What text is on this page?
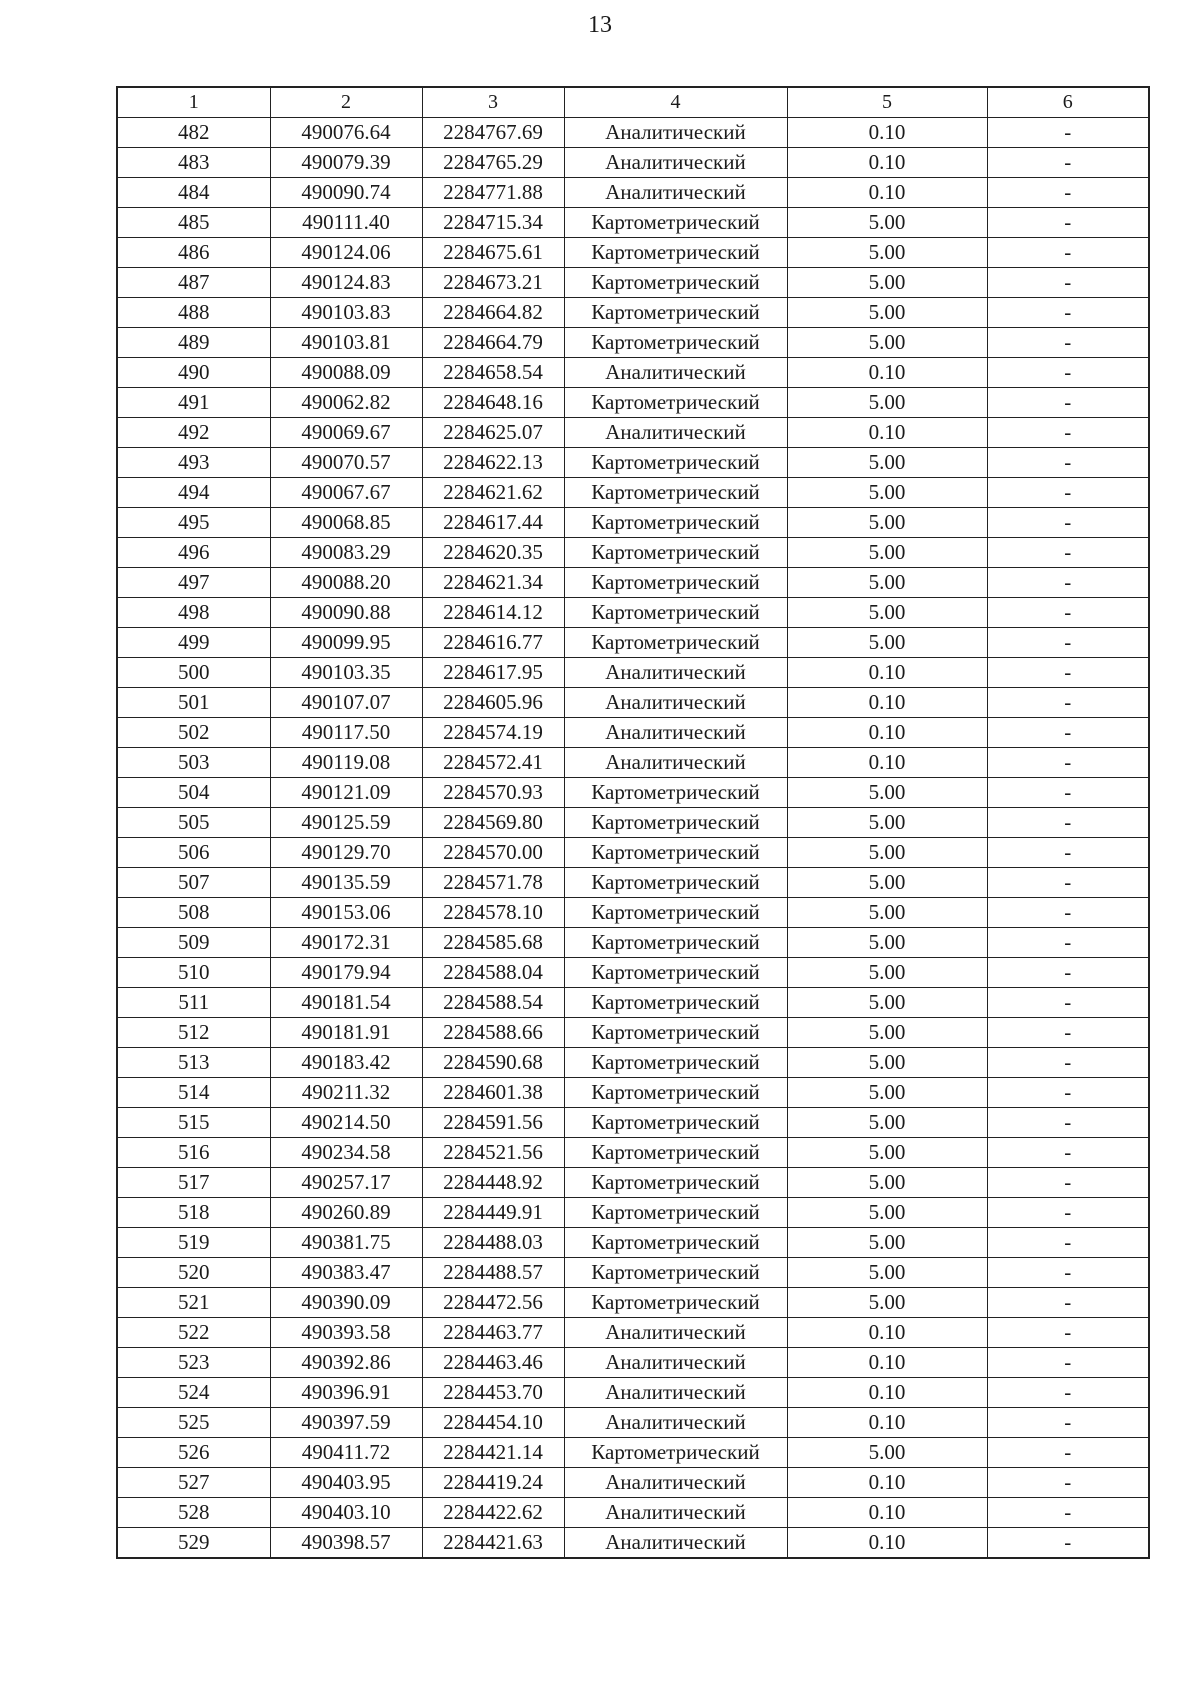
13
1	2	3	4	5	6
482	490076.64	2284767.69	Аналитический	0.10	-
483	490079.39	2284765.29	Аналитический	0.10	-
484	490090.74	2284771.88	Аналитический	0.10	-
485	490111.40	2284715.34	Картометрический	5.00	-
486	490124.06	2284675.61	Картометрический	5.00	-
487	490124.83	2284673.21	Картометрический	5.00	-
488	490103.83	2284664.82	Картометрический	5.00	-
489	490103.81	2284664.79	Картометрический	5.00	-
490	490088.09	2284658.54	Аналитический	0.10	-
491	490062.82	2284648.16	Картометрический	5.00	-
492	490069.67	2284625.07	Аналитический	0.10	-
493	490070.57	2284622.13	Картометрический	5.00	-
494	490067.67	2284621.62	Картометрический	5.00	-
495	490068.85	2284617.44	Картометрический	5.00	-
496	490083.29	2284620.35	Картометрический	5.00	-
497	490088.20	2284621.34	Картометрический	5.00	-
498	490090.88	2284614.12	Картометрический	5.00	-
499	490099.95	2284616.77	Картометрический	5.00	-
500	490103.35	2284617.95	Аналитический	0.10	-
501	490107.07	2284605.96	Аналитический	0.10	-
502	490117.50	2284574.19	Аналитический	0.10	-
503	490119.08	2284572.41	Аналитический	0.10	-
504	490121.09	2284570.93	Картометрический	5.00	-
505	490125.59	2284569.80	Картометрический	5.00	-
506	490129.70	2284570.00	Картометрический	5.00	-
507	490135.59	2284571.78	Картометрический	5.00	-
508	490153.06	2284578.10	Картометрический	5.00	-
509	490172.31	2284585.68	Картометрический	5.00	-
510	490179.94	2284588.04	Картометрический	5.00	-
511	490181.54	2284588.54	Картометрический	5.00	-
512	490181.91	2284588.66	Картометрический	5.00	-
513	490183.42	2284590.68	Картометрический	5.00	-
514	490211.32	2284601.38	Картометрический	5.00	-
515	490214.50	2284591.56	Картометрический	5.00	-
516	490234.58	2284521.56	Картометрический	5.00	-
517	490257.17	2284448.92	Картометрический	5.00	-
518	490260.89	2284449.91	Картометрический	5.00	-
519	490381.75	2284488.03	Картометрический	5.00	-
520	490383.47	2284488.57	Картометрический	5.00	-
521	490390.09	2284472.56	Картометрический	5.00	-
522	490393.58	2284463.77	Аналитический	0.10	-
523	490392.86	2284463.46	Аналитический	0.10	-
524	490396.91	2284453.70	Аналитический	0.10	-
525	490397.59	2284454.10	Аналитический	0.10	-
526	490411.72	2284421.14	Картометрический	5.00	-
527	490403.95	2284419.24	Аналитический	0.10	-
528	490403.10	2284422.62	Аналитический	0.10	-
529	490398.57	2284421.63	Аналитический	0.10	-
